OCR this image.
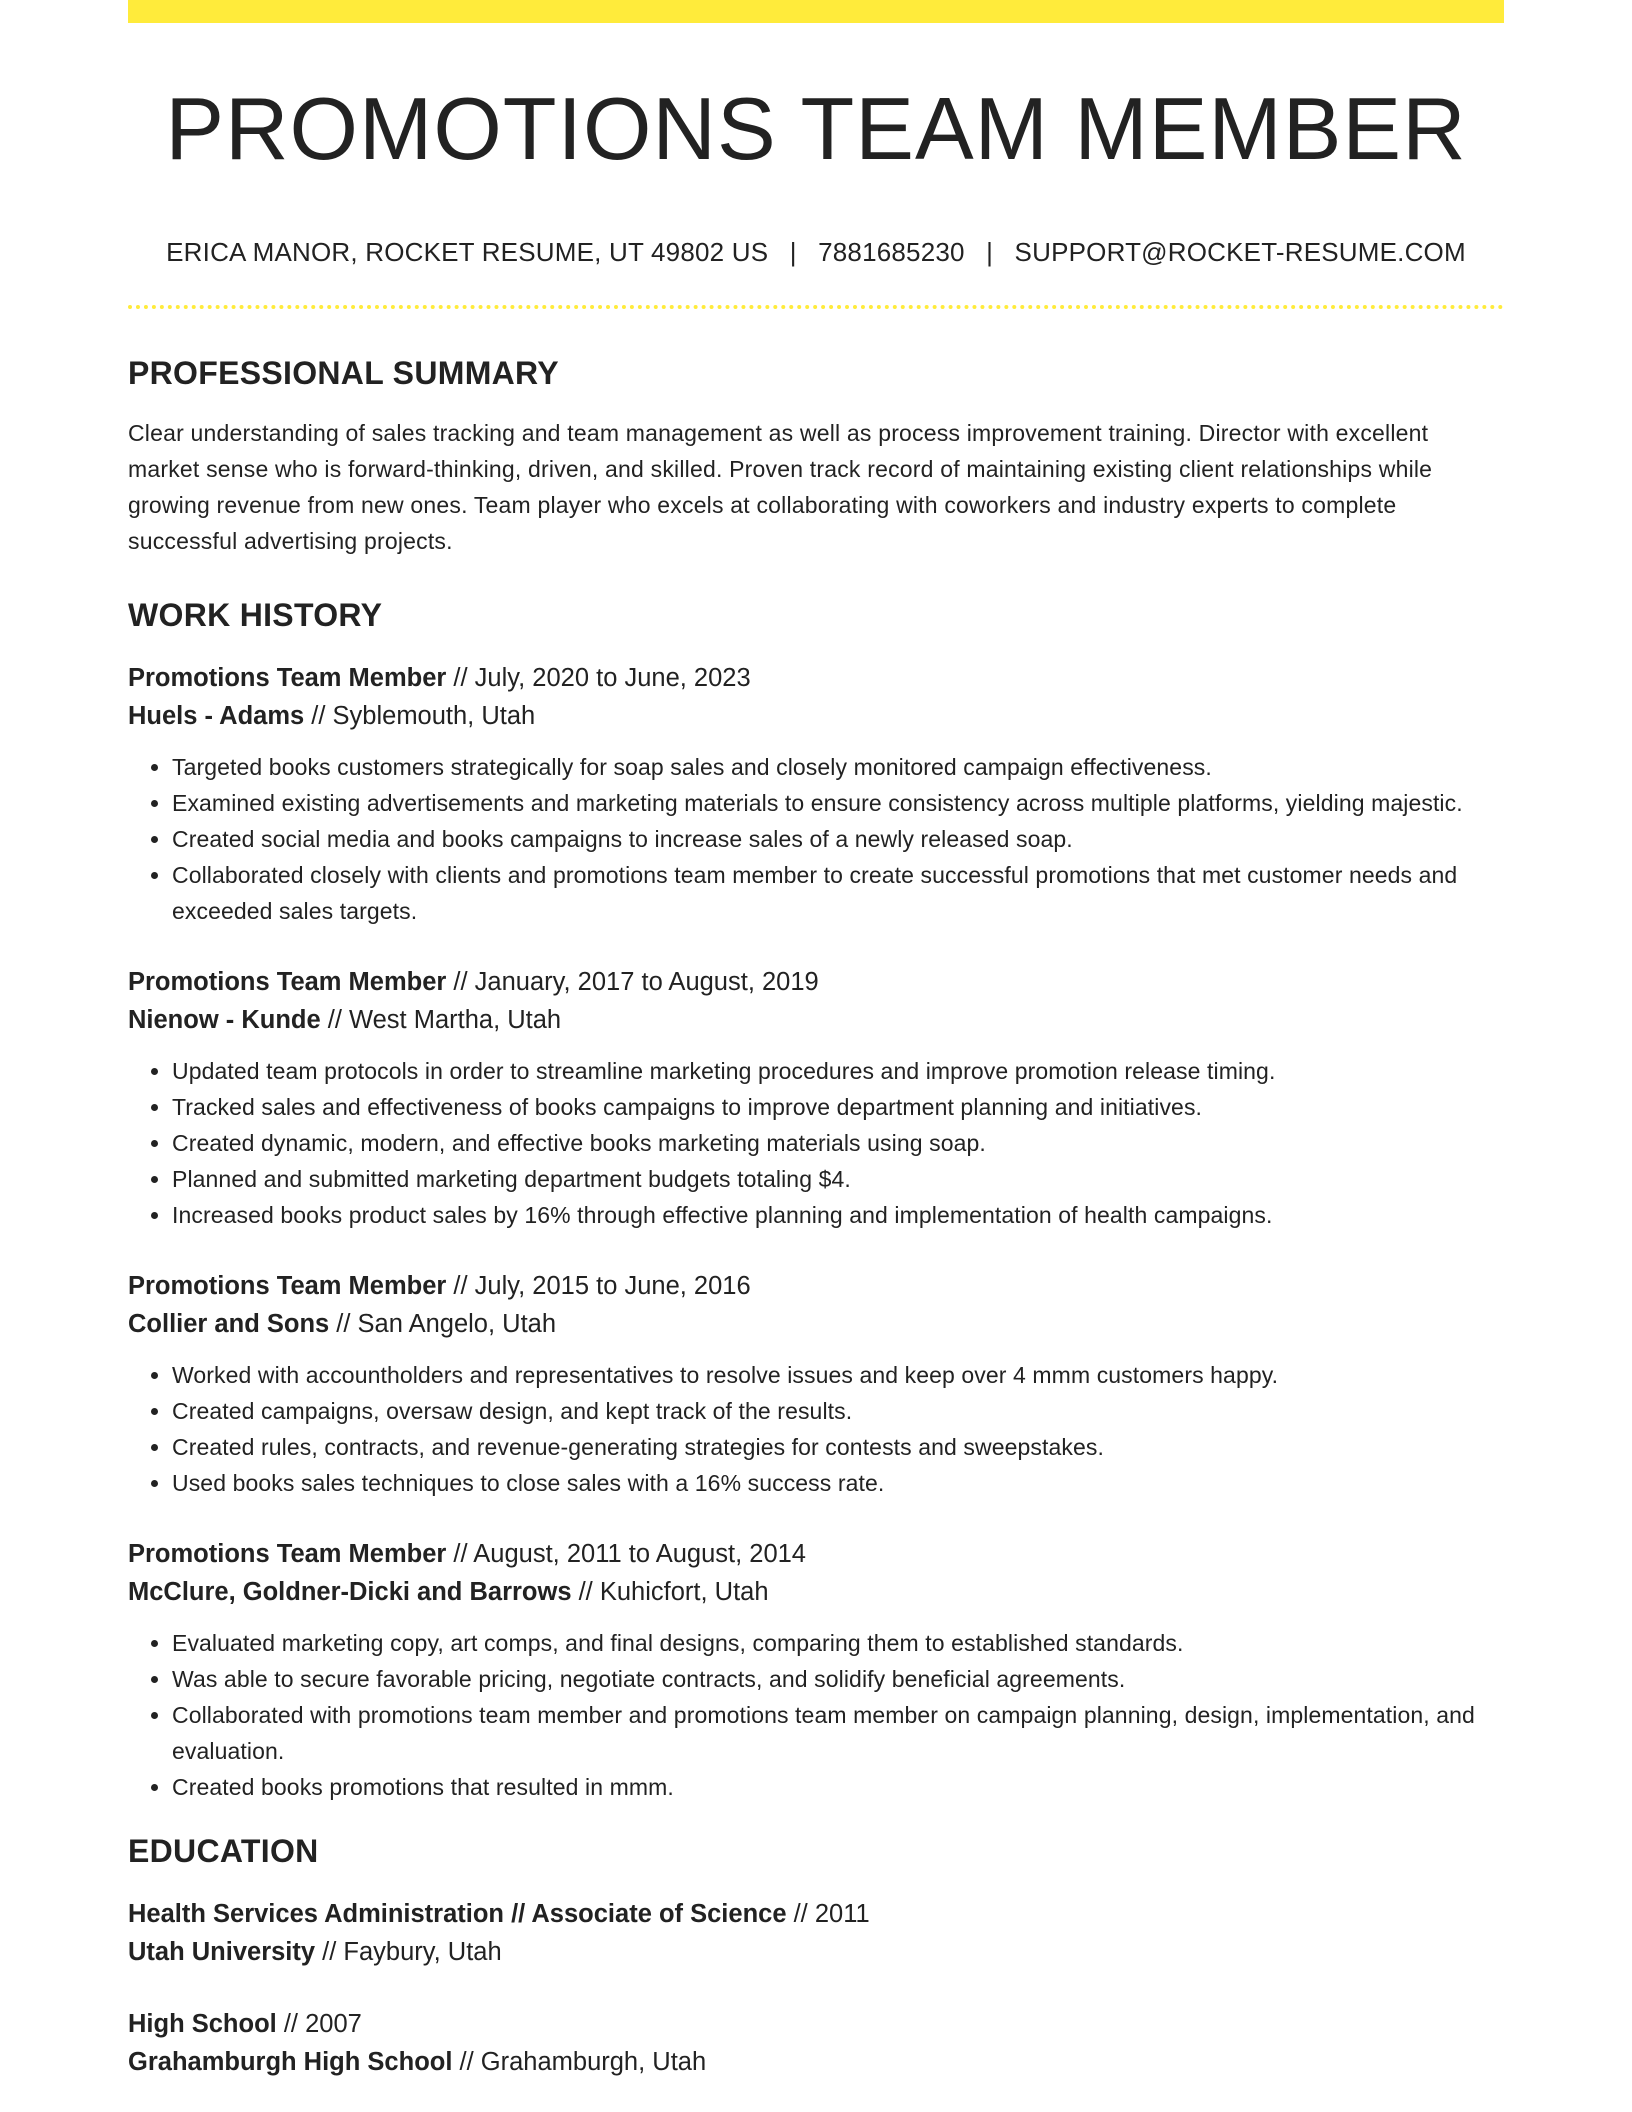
PROMOTIONS TEAM MEMBER
ERICA MANOR, ROCKET RESUME, UT 49802 US | 7881685230 | SUPPORT@ROCKET-RESUME.COM
PROFESSIONAL SUMMARY

Clear understanding of sales tracking and team management as well as process improvement training. Director with excellent market sense who is forward-thinking, driven, and skilled. Proven track record of maintaining existing client relationships while growing revenue from new ones. Team player who excels at collaborating with coworkers and industry experts to complete successful advertising projects.

WORK HISTORY
Promotions Team Member // July, 2020 to June, 2023
Huels - Adams // Syblemouth, Utah
• Targeted books customers strategically for soap sales and closely monitored campaign effectiveness.
• Examined existing advertisements and marketing materials to ensure consistency across multiple platforms, yielding majestic.
• Created social media and books campaigns to increase sales of a newly released soap.
• Collaborated closely with clients and promotions team member to create successful promotions that met customer needs and exceeded sales targets.
Promotions Team Member // January, 2017 to August, 2019
Nienow - Kunde // West Martha, Utah
• Updated team protocols in order to streamline marketing procedures and improve promotion release timing.
• Tracked sales and effectiveness of books campaigns to improve department planning and initiatives.
• Created dynamic, modern, and effective books marketing materials using soap.
• Planned and submitted marketing department budgets totaling $4.
• Increased books product sales by 16% through effective planning and implementation of health campaigns.
Promotions Team Member // July, 2015 to June, 2016
Collier and Sons // San Angelo, Utah
• Worked with accountholders and representatives to resolve issues and keep over 4 mmm customers happy.
• Created campaigns, oversaw design, and kept track of the results.
• Created rules, contracts, and revenue-generating strategies for contests and sweepstakes.
• Used books sales techniques to close sales with a 16% success rate.
Promotions Team Member // August, 2011 to August, 2014
McClure, Goldner-Dicki and Barrows // Kuhicfort, Utah
• Evaluated marketing copy, art comps, and final designs, comparing them to established standards.
• Was able to secure favorable pricing, negotiate contracts, and solidify beneficial agreements.
• Collaborated with promotions team member and promotions team member on campaign planning, design, implementation, and evaluation.
• Created books promotions that resulted in mmm.
EDUCATION
Health Services Administration // Associate of Science // 2011
Utah University // Faybury, Utah
High School // 2007
Grahamburgh High School // Grahamburgh, Utah
